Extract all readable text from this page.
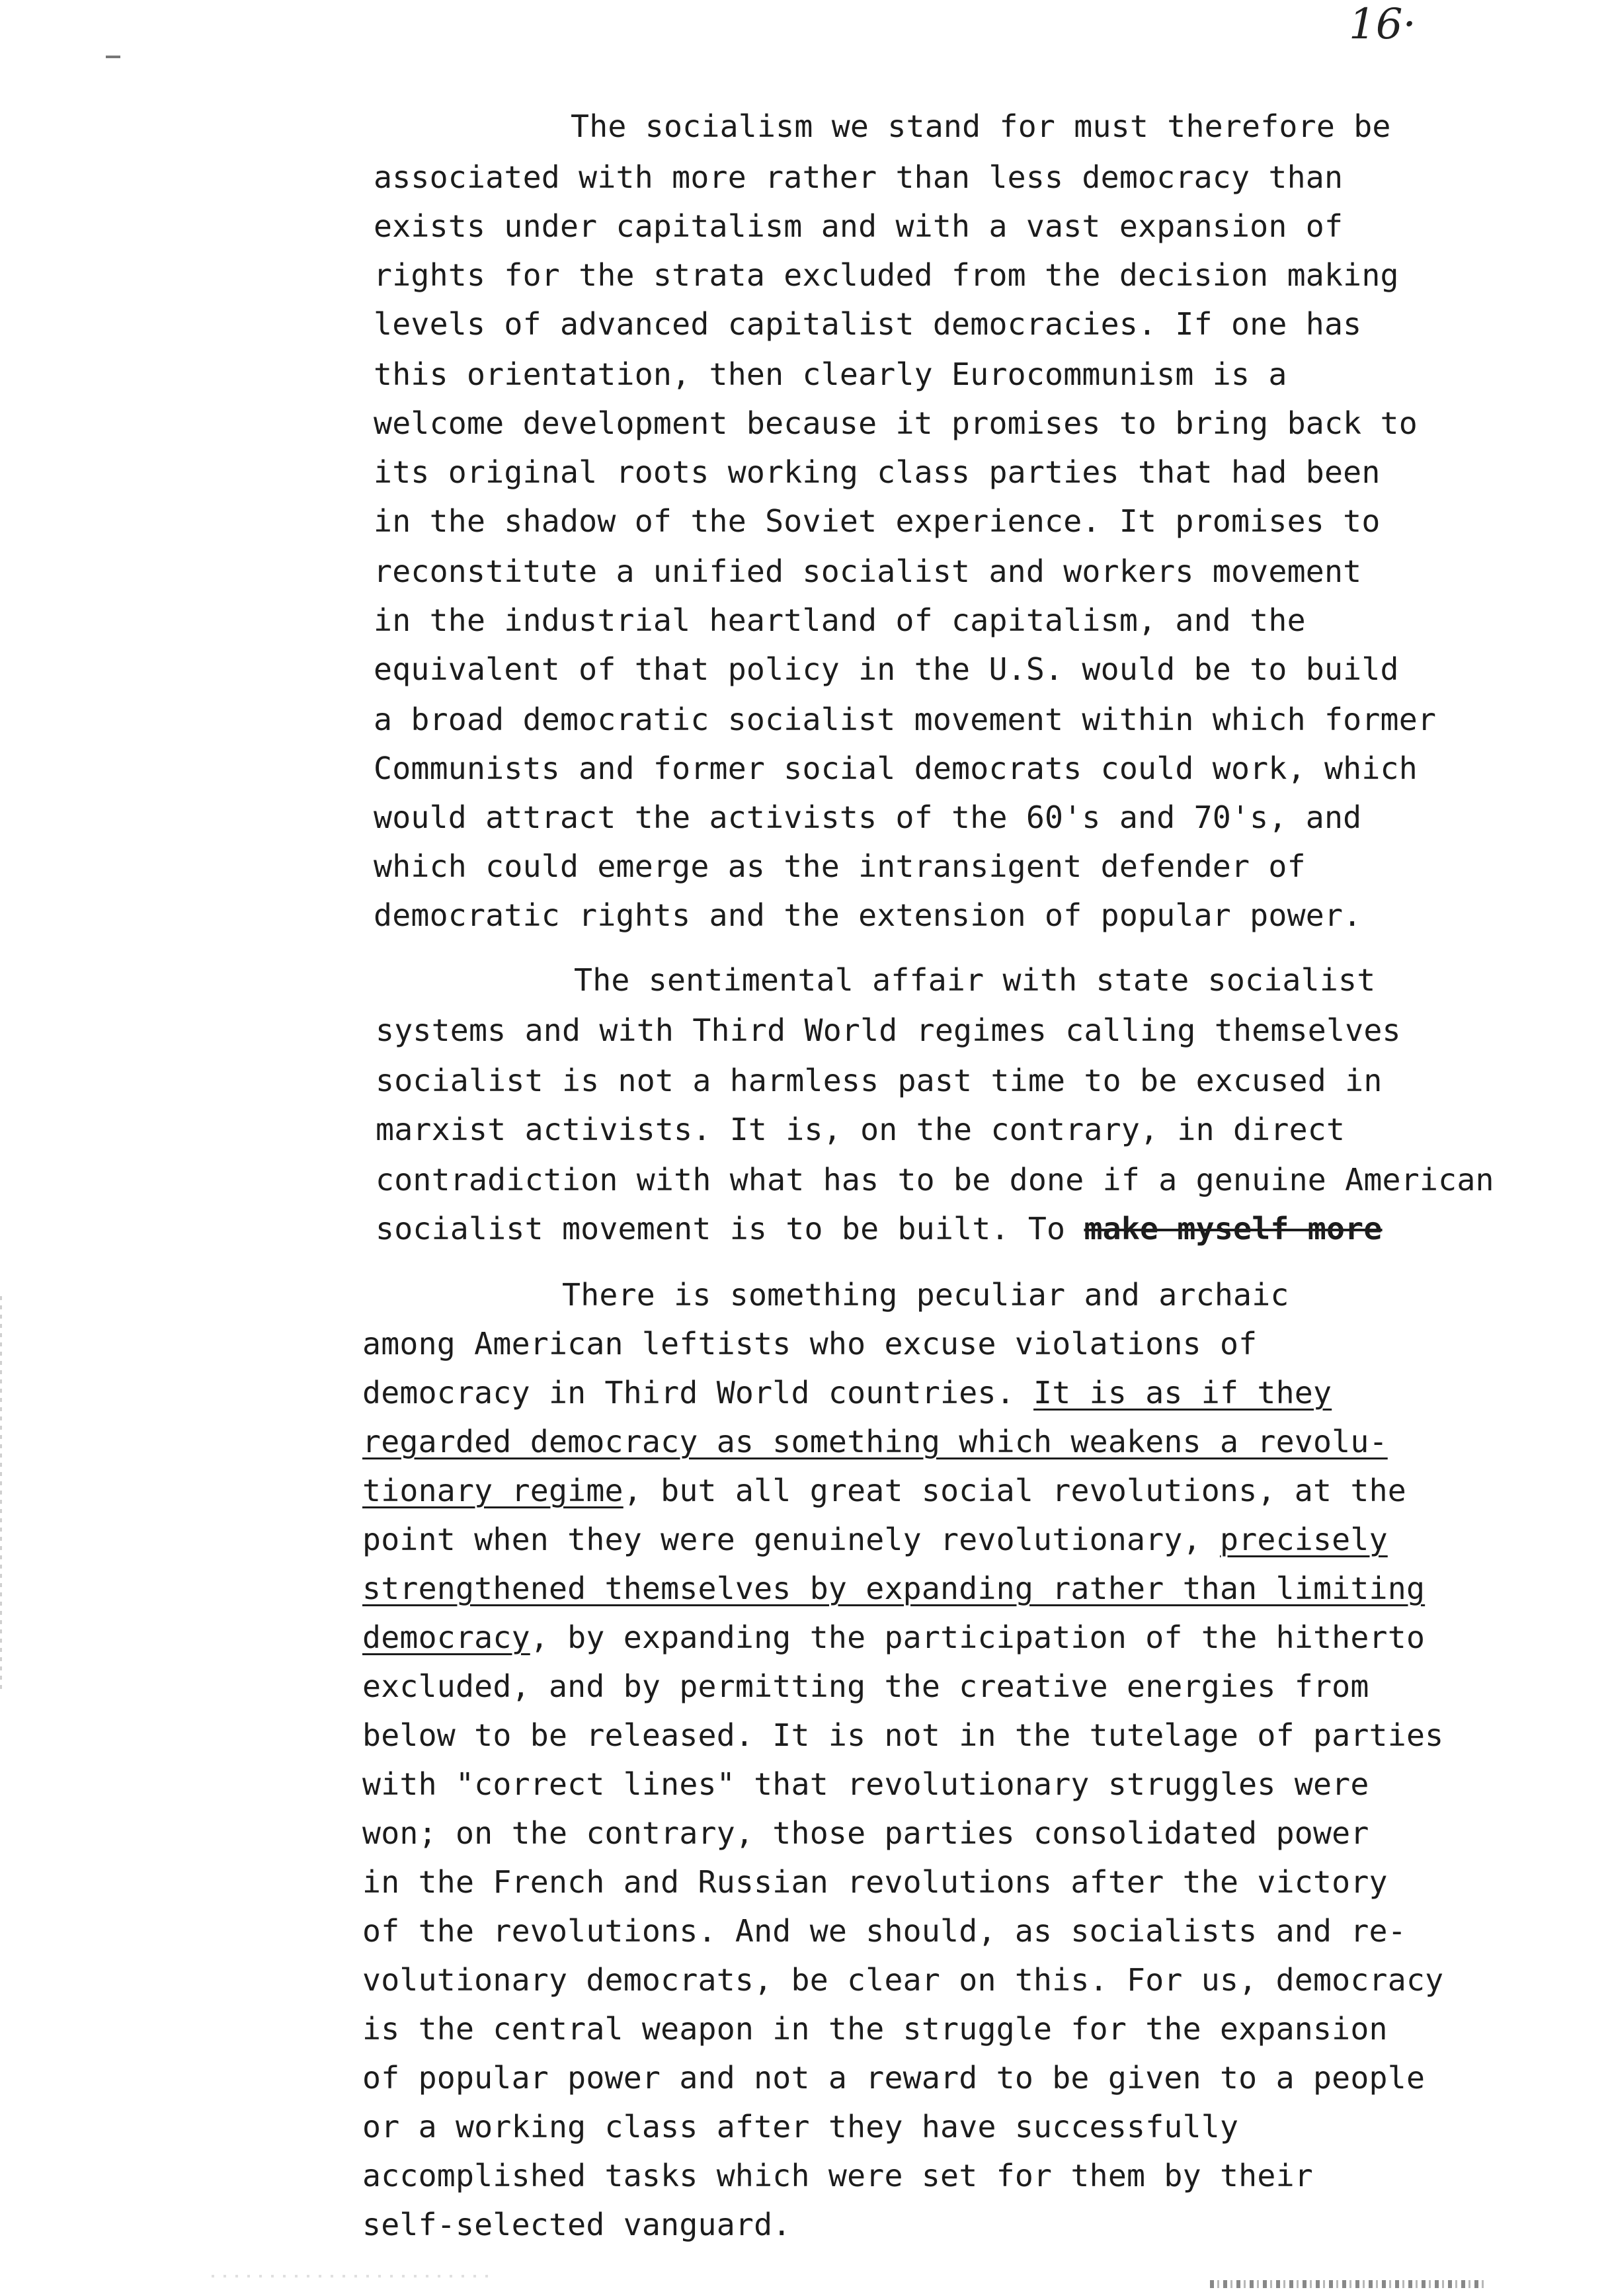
16·
The socialism we stand for must therefore be
associated with more rather than less democracy than
exists under capitalism and with a vast expansion of
rights for the strata excluded from the decision making
levels of advanced capitalist democracies. If one has
this orientation, then clearly Eurocommunism is a
welcome development because it promises to bring back to
its original roots working class parties that had been
in the shadow of the Soviet experience. It promises to
reconstitute a unified socialist and workers movement
in the industrial heartland of capitalism, and the
equivalent of that policy in the U.S. would be to build
a broad democratic socialist movement within which former
Communists and former social democrats could work, which
would attract the activists of the 60's and 70's, and
which could emerge as the intransigent defender of
democratic rights and the extension of popular power.
The sentimental affair with state socialist
systems and with Third World regimes calling themselves
socialist is not a harmless past time to be excused in
marxist activists. It is, on the contrary, in direct
contradiction with what has to be done if a genuine American
socialist movement is to be built. To make myself more
There is something peculiar and archaic
among American leftists who excuse violations of
democracy in Third World countries. It is as if they
regarded democracy as something which weakens a revolu-
tionary regime, but all great social revolutions, at the
point when they were genuinely revolutionary, precisely
strengthened themselves by expanding rather than limiting
democracy, by expanding the participation of the hitherto
excluded, and by permitting the creative energies from
below to be released. It is not in the tutelage of parties
with "correct lines" that revolutionary struggles were
won; on the contrary, those parties consolidated power
in the French and Russian revolutions after the victory
of the revolutions. And we should, as socialists and re-
volutionary democrats, be clear on this. For us, democracy
is the central weapon in the struggle for the expansion
of popular power and not a reward to be given to a people
or a working class after they have successfully
accomplished tasks which were set for them by their
self-selected vanguard.
